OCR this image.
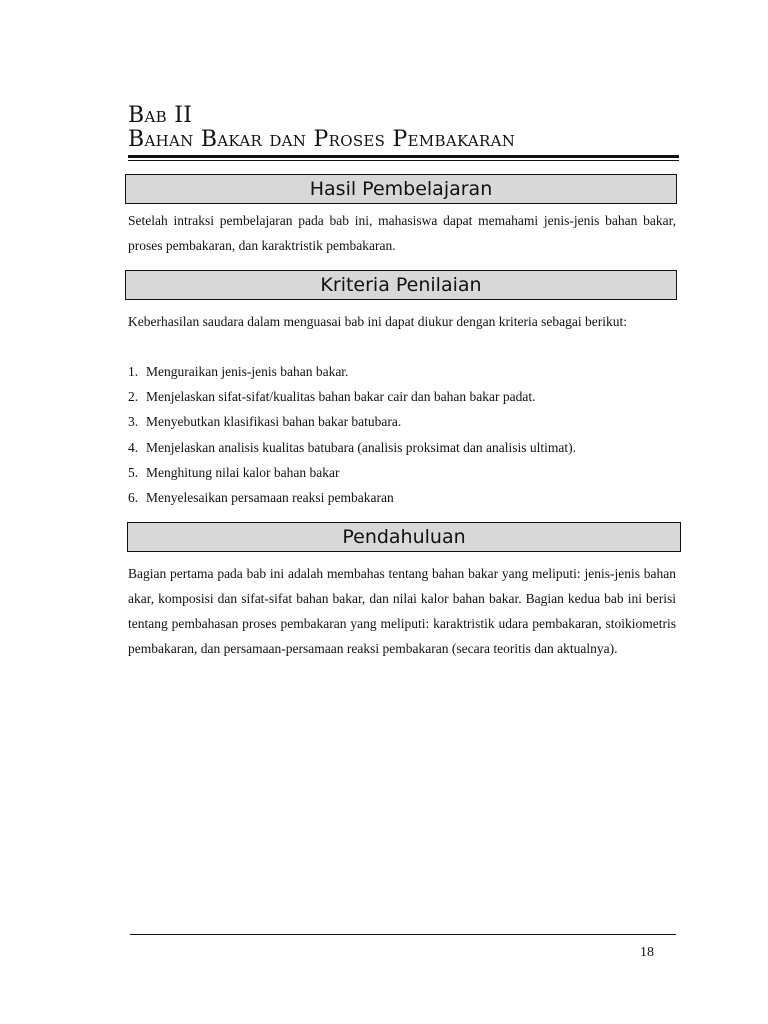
Bab II
Bahan Bakar dan Proses Pembakaran
Hasil Pembelajaran
Setelah intraksi pembelajaran pada bab ini, mahasiswa dapat memahami jenis-jenis bahan bakar, proses pembakaran, dan karaktristik pembakaran.
Kriteria Penilaian
Keberhasilan saudara dalam menguasai bab ini dapat diukur dengan kriteria sebagai berikut:
1. Menguraikan jenis-jenis bahan bakar.
2. Menjelaskan sifat-sifat/kualitas bahan bakar cair dan bahan bakar padat.
3. Menyebutkan klasifikasi bahan bakar batubara.
4. Menjelaskan analisis kualitas batubara (analisis proksimat dan analisis ultimat).
5. Menghitung nilai kalor bahan bakar
6. Menyelesaikan persamaan reaksi pembakaran
Pendahuluan
Bagian pertama pada bab ini adalah membahas tentang bahan bakar yang meliputi: jenis-jenis bahan akar, komposisi dan sifat-sifat bahan bakar, dan nilai kalor bahan bakar. Bagian kedua bab ini berisi tentang pembahasan proses pembakaran yang meliputi: karaktristik udara pembakaran, stoikiometris pembakaran, dan persamaan-persamaan reaksi pembakaran (secara teoritis dan aktualnya).
18
